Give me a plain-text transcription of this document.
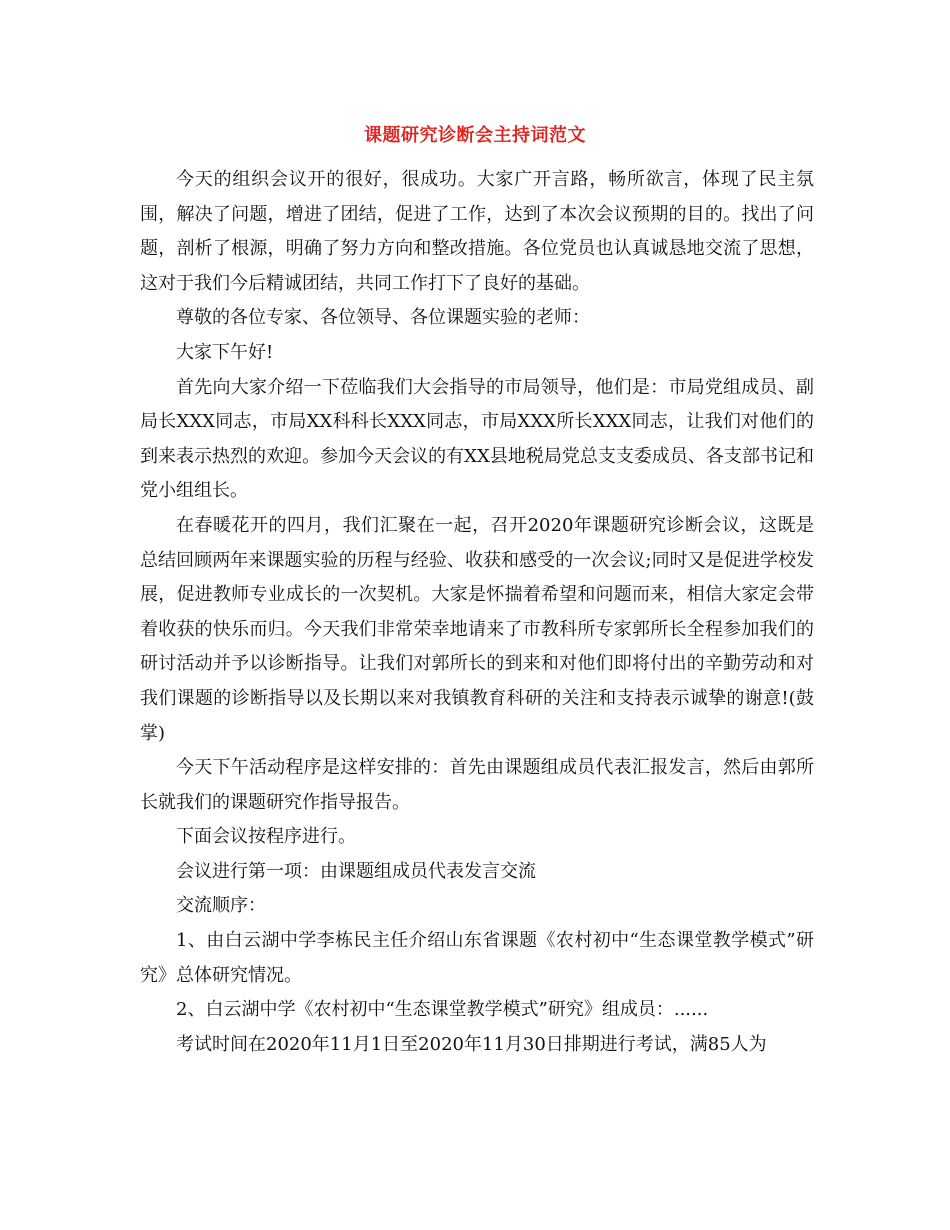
课题研究诊断会主持词范文

今天的组织会议开的很好，很成功。大家广开言路，畅所欲言，体现了民主氛围，解决了问题，增进了团结，促进了工作，达到了本次会议预期的目的。找出了问题，剖析了根源，明确了努力方向和整改措施。各位党员也认真诚恳地交流了思想，这对于我们今后精诚团结，共同工作打下了良好的基础。

尊敬的各位专家、各位领导、各位课题实验的老师：

大家下午好!

首先向大家介绍一下莅临我们大会指导的市局领导，他们是：市局党组成员、副局长XXX同志，市局XX科科长XXX同志，市局XXX所长XXX同志，让我们对他们的到来表示热烈的欢迎。参加今天会议的有XX县地税局党总支支委成员、各支部书记和党小组组长。

在春暖花开的四月，我们汇聚在一起，召开2020年课题研究诊断会议，这既是总结回顾两年来课题实验的历程与经验、收获和感受的一次会议;同时又是促进学校发展，促进教师专业成长的一次契机。大家是怀揣着希望和问题而来，相信大家定会带着收获的快乐而归。今天我们非常荣幸地请来了市教科所专家郭所长全程参加我们的研讨活动并予以诊断指导。让我们对郭所长的到来和对他们即将付出的辛勤劳动和对我们课题的诊断指导以及长期以来对我镇教育科研的关注和支持表示诚挚的谢意!(鼓掌)

今天下午活动程序是这样安排的：首先由课题组成员代表汇报发言，然后由郭所长就我们的课题研究作指导报告。

下面会议按程序进行。

会议进行第一项：由课题组成员代表发言交流

交流顺序：

1、由白云湖中学李栋民主任介绍山东省课题《农村初中“生态课堂教学模式”研究》总体研究情况。

2、白云湖中学《农村初中“生态课堂教学模式”研究》组成员：......

考试时间在2020年11月1日至2020年11月30日排期进行考试，满85人为
